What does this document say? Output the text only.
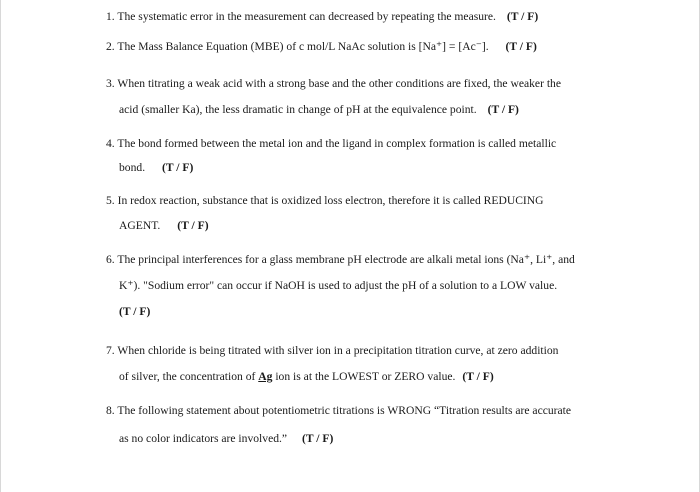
1. The systematic error in the measurement can decreased by repeating the measure. (T / F)
2. The Mass Balance Equation (MBE) of c mol/L NaAc solution is [Na⁺] = [Ac⁻]. (T / F)
3. When titrating a weak acid with a strong base and the other conditions are fixed, the weaker the
acid (smaller Ka), the less dramatic in change of pH at the equivalence point. (T / F)
4. The bond formed between the metal ion and the ligand in complex formation is called metallic
bond. (T / F)
5. In redox reaction, substance that is oxidized loss electron, therefore it is called REDUCING
AGENT. (T / F)
6. The principal interferences for a glass membrane pH electrode are alkali metal ions (Na⁺, Li⁺, and
K⁺). "Sodium error" can occur if NaOH is used to adjust the pH of a solution to a LOW value.
(T / F)
7. When chloride is being titrated with silver ion in a precipitation titration curve, at zero addition
of silver, the concentration of Ag ion is at the LOWEST or ZERO value. (T / F)
8. The following statement about potentiometric titrations is WRONG “Titration results are accurate
as no color indicators are involved.” (T / F)
